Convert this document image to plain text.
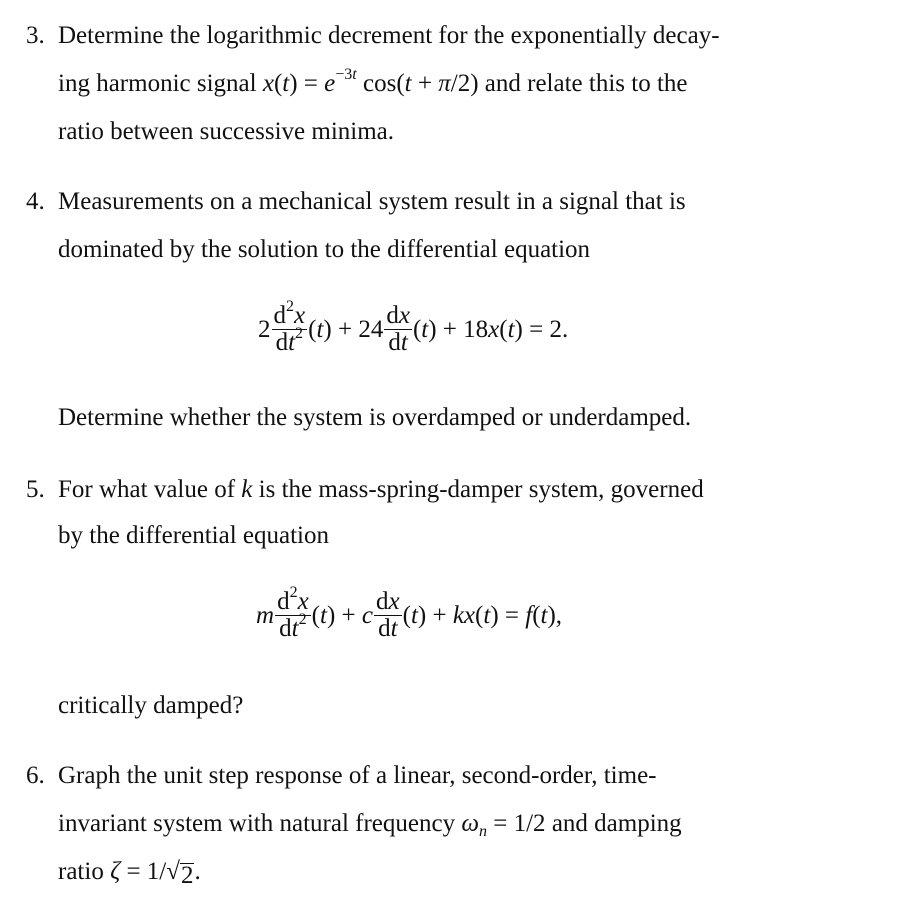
3. Determine the logarithmic decrement for the exponentially decay-
ing harmonic signal $x(t) = e^{-3t}$ cos(t + π/2) and relate this to the
ratio between successive minima.
4. Measurements on a mechanical system result in a signal that is
dominated by the solution to the differential equation
$2 \frac{d^2x}{dt^2} (t) + 24 \frac{dx}{dt} (t) + 18x(t) = 2$.
Determine whether the system is overdamped or underdamped.
5. For what value of k is the mass-spring-damper system, governed
by the differential equation
m $\frac{d^2x}{dt^2} (t) + c \frac{dx}{dt} (t) + kx(t) = f(t)$,
critically damped?
6. Graph the unit step response of a linear, second-order, time-
invariant system with natural frequency $\omega_n = 1/2$ and damping
ratio ζ = 1/√ 2 .
